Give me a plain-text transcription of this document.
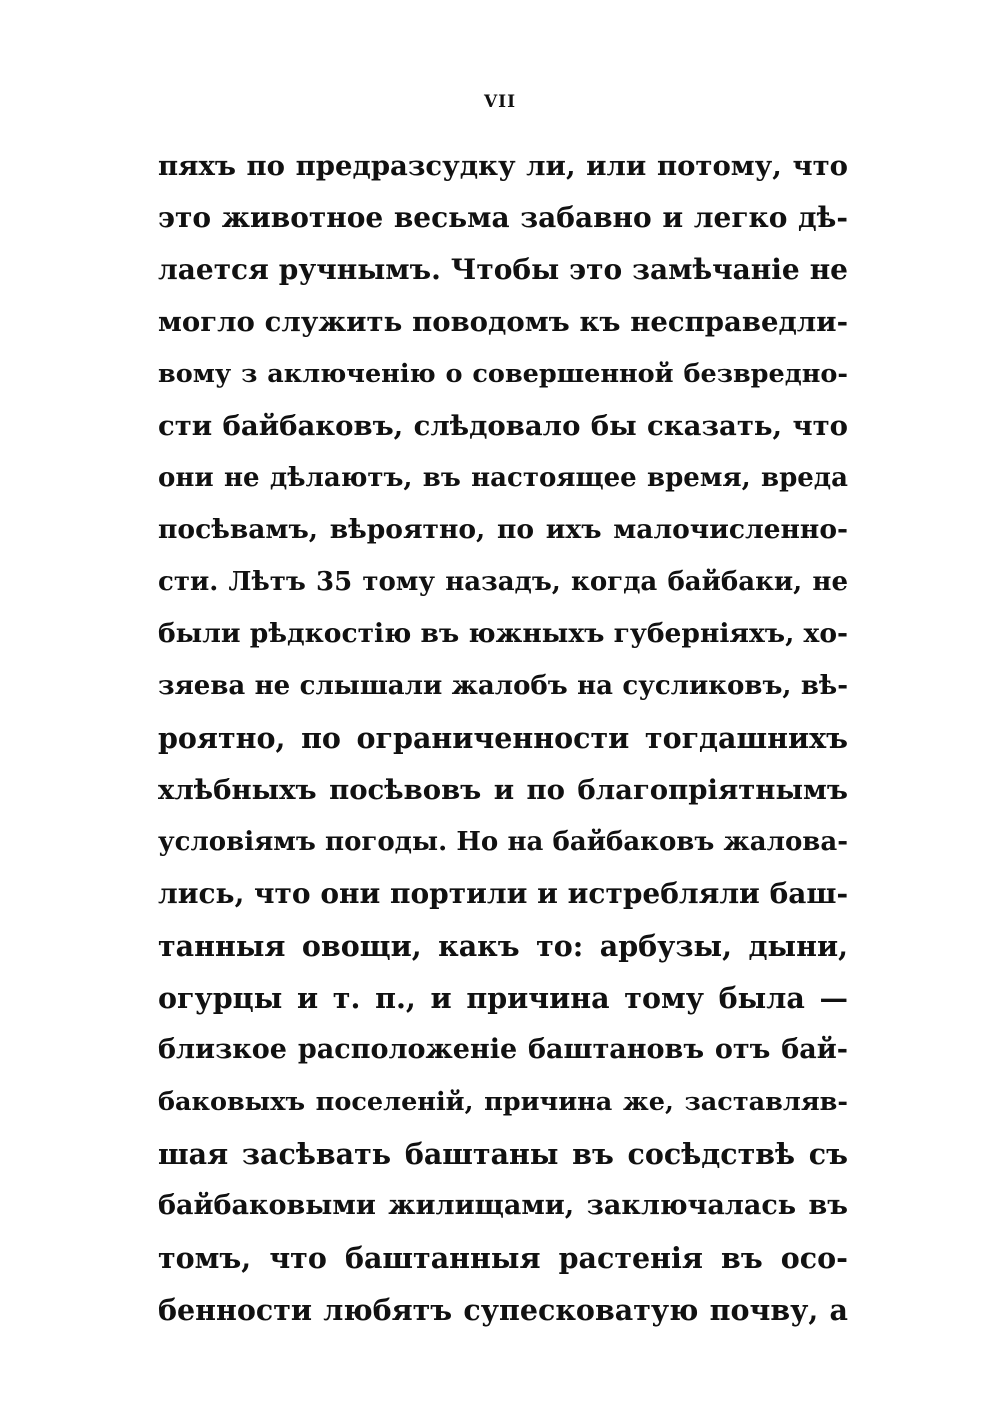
VII
пяхъ по предразсудку ли, или потому, что
это животное весьма забавно и легко дѣ-
лается ручнымъ. Чтобы это замѣчаніе не
могло служить поводомъ къ несправедли-
вому з аключенію о совершенной безвредно-
сти байбаковъ, слѣдовало бы сказать, что
они не дѣлаютъ, въ настоящее время, вреда
посѣвамъ, вѣроятно, по ихъ малочисленно-
сти. Лѣтъ 35 тому назадъ, когда байбаки, не
были рѣдкостію въ южныхъ губерніяхъ, хо-
зяева не слышали жалобъ на сусликовъ, вѣ-
роятно, по ограниченности тогдашнихъ
хлѣбныхъ посѣвовъ и по благопріятнымъ
условіямъ погоды. Но на байбаковъ жалова-
лись, что они портили и истребляли баш-
танныя овощи, какъ то: арбузы, дыни,
огурцы и т. п., и причина тому была —
близкое расположеніе баштановъ отъ бай-
баковыхъ поселеній, причина же, заставляв-
шая засѣвать баштаны въ сосѣдствѣ съ
байбаковыми жилищами, заключалась въ
томъ, что баштанныя растенія въ осо-
бенности любятъ супесковатую почву, а
